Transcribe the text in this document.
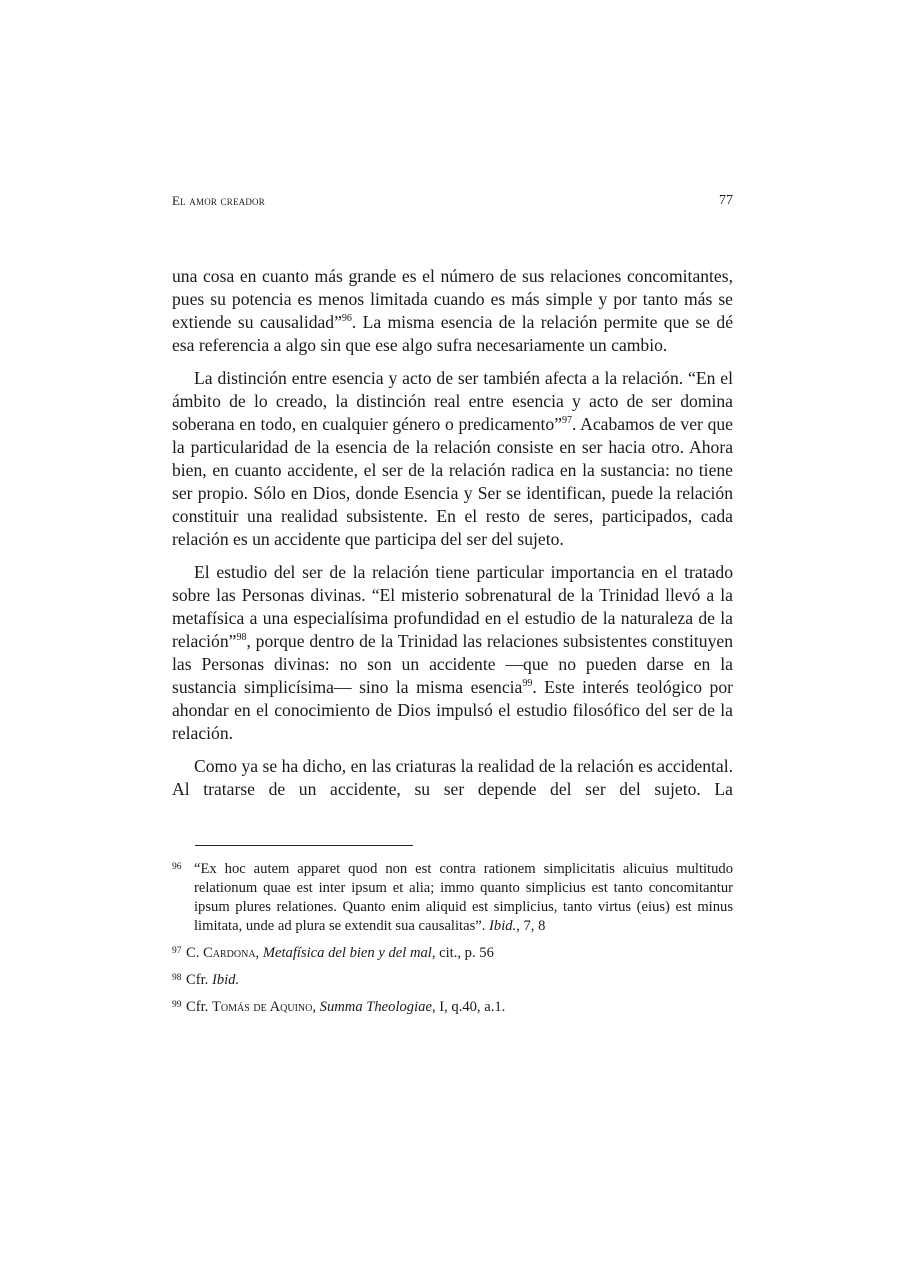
El amor creador	77

una cosa en cuanto más grande es el número de sus relaciones concomitantes, pues su potencia es menos limitada cuando es más simple y por tanto más se extiende su causalidad”$^{96}$. La misma esencia de la relación permite que se dé esa referencia a algo sin que ese algo sufra necesariamente un cambio.

La distinción entre esencia y acto de ser también afecta a la relación. “En el ámbito de lo creado, la distinción real entre esencia y acto de ser domina soberana en todo, en cualquier género o predicamento”$^{97}$. Acabamos de ver que la particularidad de la esencia de la relación consiste en ser hacia otro. Ahora bien, en cuanto accidente, el ser de la relación radica en la sustancia: no tiene ser propio. Sólo en Dios, donde Esencia y Ser se identifican, puede la relación constituir una realidad subsistente. En el resto de seres, participados, cada relación es un accidente que participa del ser del sujeto.

El estudio del ser de la relación tiene particular importancia en el tratado sobre las Personas divinas. “El misterio sobrenatural de la Trinidad llevó a la metafísica a una especialísima profundidad en el estudio de la naturaleza de la relación”$^{98}$, porque dentro de la Trinidad las relaciones subsistentes constituyen las Personas divinas: no son un accidente —que no pueden darse en la sustancia simplicísima— sino la misma esencia$^{99}$. Este interés teológico por ahondar en el conocimiento de Dios impulsó el estudio filosófico del ser de la relación.

Como ya se ha dicho, en las criaturas la realidad de la relación es accidental. Al tratarse de un accidente, su ser depende del ser del sujeto. La

96 “Ex hoc autem apparet quod non est contra rationem simplicitatis alicuius multitudo relationum quae est inter ipsum et alia; immo quanto simplicius est tanto concomitantur ipsum plures relationes. Quanto enim aliquid est simplicius, tanto virtus (eius) est minus limitata, unde ad plura se extendit sua causalitas”. Ibid., 7, 8
97 C. Cardona, Metafísica del bien y del mal, cit., p. 56
98 Cfr. Ibid.
99 Cfr. Tomás de Aquino, Summa Theologiae, I, q.40, a.1.
